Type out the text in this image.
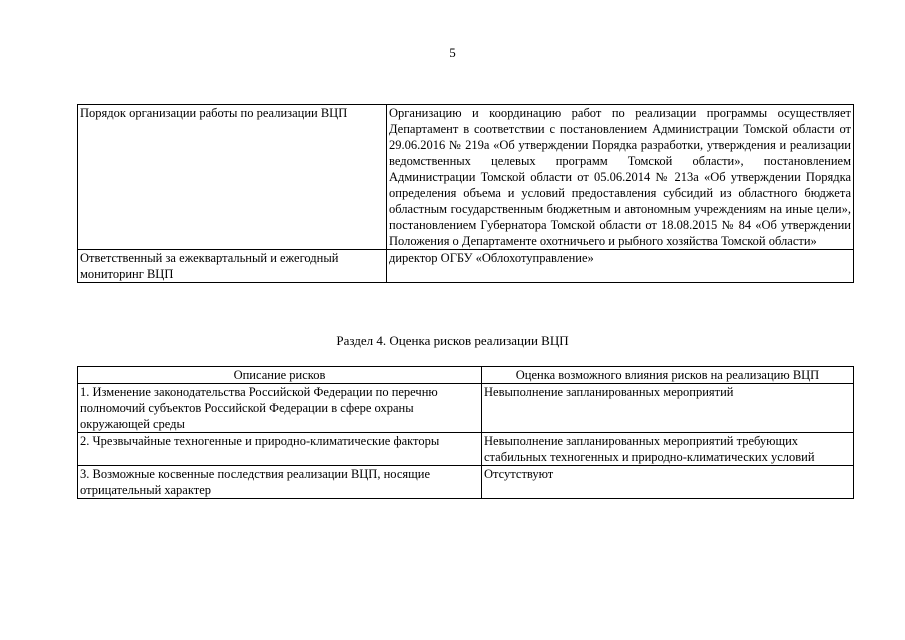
5
Порядок организации работы по реализации ВЦП	Организацию и координацию работ по реализации программы осуществляет Департамент в соответствии с постановлением Администрации Томской области от 29.06.2016 № 219а «Об утверждении Порядка разработки, утверждения и реализации ведомственных целевых программ Томской области», постановлением Администрации Томской области от 05.06.2014 № 213а «Об утверждении Порядка определения объема и условий предоставления субсидий из областного бюджета областным государственным бюджетным и автономным учреждениям на иные цели», постановлением Губернатора Томской области от 18.08.2015 № 84 «Об утверждении Положения о Департаменте охотничьего и рыбного хозяйства Томской области»
Ответственный за ежеквартальный и ежегодный мониторинг ВЦП	директор ОГБУ «Облохотуправление»
Раздел 4. Оценка рисков реализации ВЦП
Описание рисков	Оценка возможного влияния рисков на реализацию ВЦП
1. Изменение законодательства Российской Федерации по перечню полномочий субъектов Российской Федерации в сфере охраны окружающей среды	Невыполнение запланированных мероприятий
2. Чрезвычайные техногенные и природно-климатические факторы	Невыполнение запланированных мероприятий требующих стабильных техногенных и природно-климатических условий
3. Возможные косвенные последствия реализации ВЦП, носящие отрицательный характер	Отсутствуют
